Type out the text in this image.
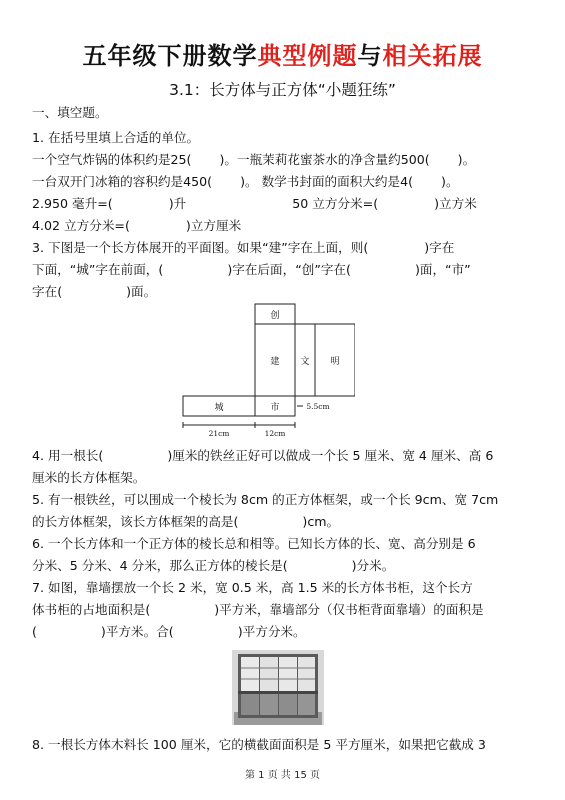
五年级下册数学典型例题与相关拓展
3.1：长方体与正方体“小题狂练”
一、填空题。
1. 在括号里填上合适的单位。
一个空气炸锅的体积约是25( )。一瓶茉莉花蜜茶水的净含量约500( )。
一台双开门冰箱的容积约是450( )。 数学书封面的面积大约是4( )。
2.950 毫升=(	)升	50 立方分米=(	)立方米
4.02 立方分米=(	)立方厘米
3. 下图是一个长方体展开的平面图。如果“建”字在上面，则(	)字在
下面，“城”字在前面，(	)字在后面，“创”字在(	)面，“市”
字在(	)面。
创
建 文 明
城	市	5.5cm
21cm	12cm
4. 用一根长(	)厘米的铁丝正好可以做成一个长 5 厘米、宽 4 厘米、高 6
厘米的长方体框架。
5. 有一根铁丝，可以围成一个棱长为 8cm 的正方体框架，或一个长 9cm、宽 7cm
的长方体框架，该长方体框架的高是(	)cm。
6. 一个长方体和一个正方体的棱长总和相等。已知长方体的长、宽、高分别是 6
分米、5 分米、4 分米，那么正方体的棱长是(	)分米。
7. 如图，靠墙摆放一个长 2 米，宽 0.5 米，高 1.5 米的长方体书柜，这个长方
体书柜的占地面积是(	)平方米，靠墙部分（仅书柜背面靠墙）的面积是
(	)平方米。合(	)平方分米。
8. 一根长方体木料长 100 厘米，它的横截面面积是 5 平方厘米，如果把它截成 3
第 1 页 共 15 页
